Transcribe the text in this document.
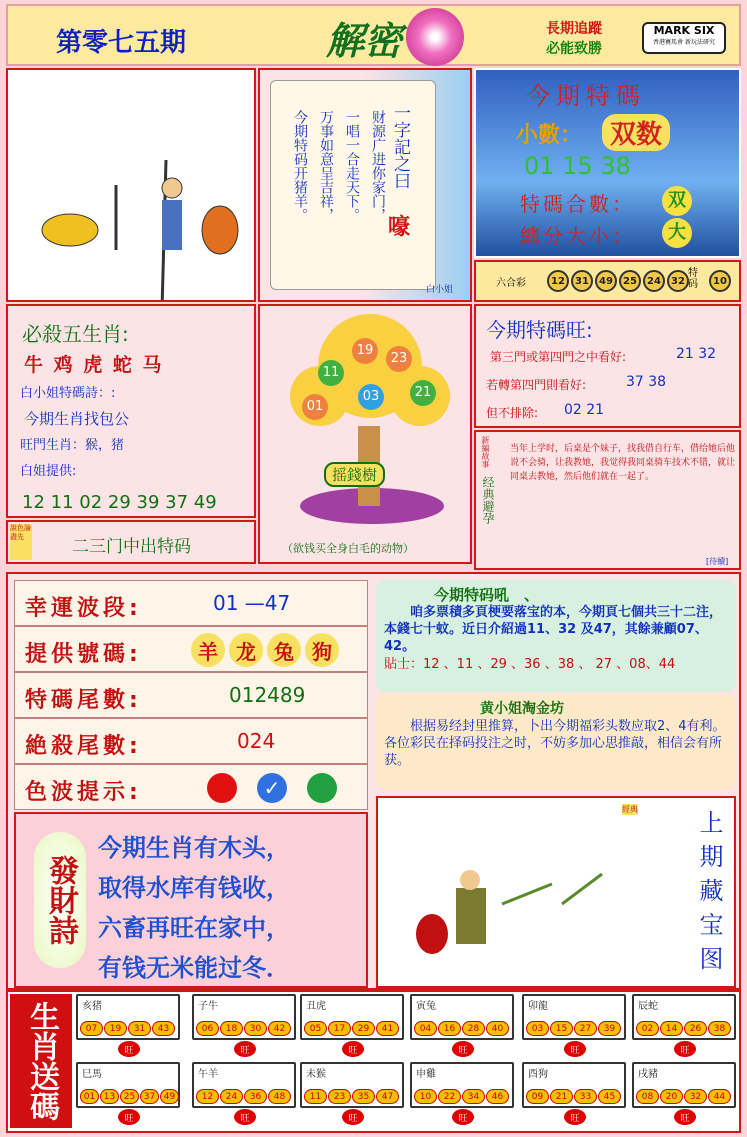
第零七五期	解密	長期追蹤
必能致勝
MARK SIX
香港賽馬會 新玩法研究
财源广进你家门，
一唱一合走天下。
万事如意呈吉祥，
今期特码开猪羊。	一字記之曰
嚎
白小姐
今期特碼
小數：	双数
01 15 38
特碼合數：	双
總分大小：	大
六合彩	12	31	49	25	24	32
特码	10
必殺五生肖:
牛 鸡 虎 蛇 马
白小姐特碼詩：:
今期生肖找包公
旺門生肖：猴，猪
白姐提供:
12 11 02 29 39 37 49
19
11
23
01
03	21
摇錢樹
（欲钱买全身白毛的动物）
今期特碼旺:
第三門或第四門之中看好:	21 32
若轉第四門則看好:	37 38
但不排除: 02 21
新編故事
经典避孕
当年上学时，后桌是个妹子，找我借自行车，借给她后他说不会骑，让我教她，我觉得我同桌骑车技术不错，就让同桌去教她，然后他们就在一起了。
[待續]
說色論盡先	二三门中出特码
幸運波段:	01 —47
提供號碼:	羊 龙 兔 狗
特碼尾數:	012489
絶殺尾數:	024
色波提示:	✓
今期特码吼　、
　　咱多票積多頁梗要落宝的本，今期頁七個共三十二注，本錢七十蚊。近日介紹過11、32 及47，其餘兼顧07、42。
貼士：12 、11 、29 、36 、38 、 27 、08、44
黄小姐淘金坊
　　根据易经封里推算，卜出今期福彩头数应取2、4有利。各位彩民在择码投注之时，不妨多加心思推敲，相信会有所获。
發財詩
今期生肖有木头，
取得水库有钱收，
六畜再旺在家中，
有钱无米能过冬．
經典
上期藏宝图
生肖送碼	亥猪
07	19	31	43
旺
子牛
06	18	30	42
旺
丑虎
05	17	29	41
旺
寅兔
04	16	28	40
旺
卯龍
03	15	27	39
旺
辰蛇
02	14	26	38
旺
巳馬
01 13 25 37 49
旺
午羊
12	24	36	48
旺
未猴
11	23	35	47
旺
申雞
10	22	34	46
旺
酉狗
09	21	33	45
旺
戌豬
08	20	32	44
旺
